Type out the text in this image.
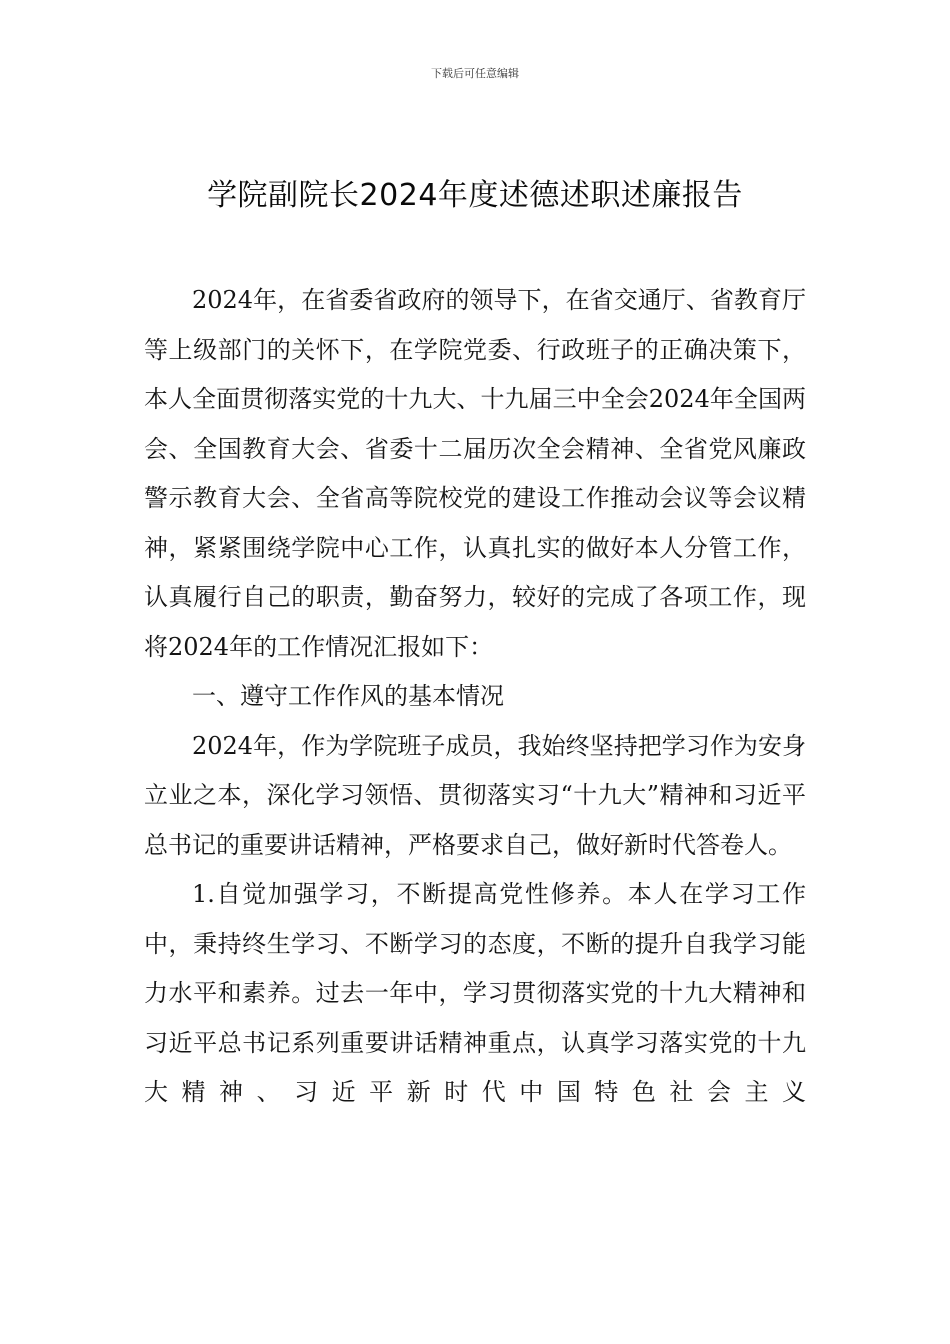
下载后可任意编辑
学院副院长2024年度述德述职述廉报告

2024年，在省委省政府的领导下，在省交通厅、省教育厅等上级部门的关怀下，在学院党委、行政班子的正确决策下，本人全面贯彻落实党的十九大、十九届三中全会2024年全国两会、全国教育大会、省委十二届历次全会精神、全省党风廉政警示教育大会、全省高等院校党的建设工作推动会议等会议精神，紧紧围绕学院中心工作，认真扎实的做好本人分管工作，认真履行自己的职责，勤奋努力，较好的完成了各项工作，现将2024年的工作情况汇报如下：

一、遵守工作作风的基本情况

2024年，作为学院班子成员，我始终坚持把学习作为安身立业之本，深化学习领悟、贯彻落实习“十九大”精神和习近平总书记的重要讲话精神，严格要求自己，做好新时代答卷人。

1.自觉加强学习，不断提高党性修养。本人在学习工作中，秉持终生学习、不断学习的态度，不断的提升自我学习能力水平和素养。过去一年中，学习贯彻落实党的十九大精神和习近平总书记系列重要讲话精神重点，认真学习落实党的十九大精神、习近平新时代中国特色社会主义
